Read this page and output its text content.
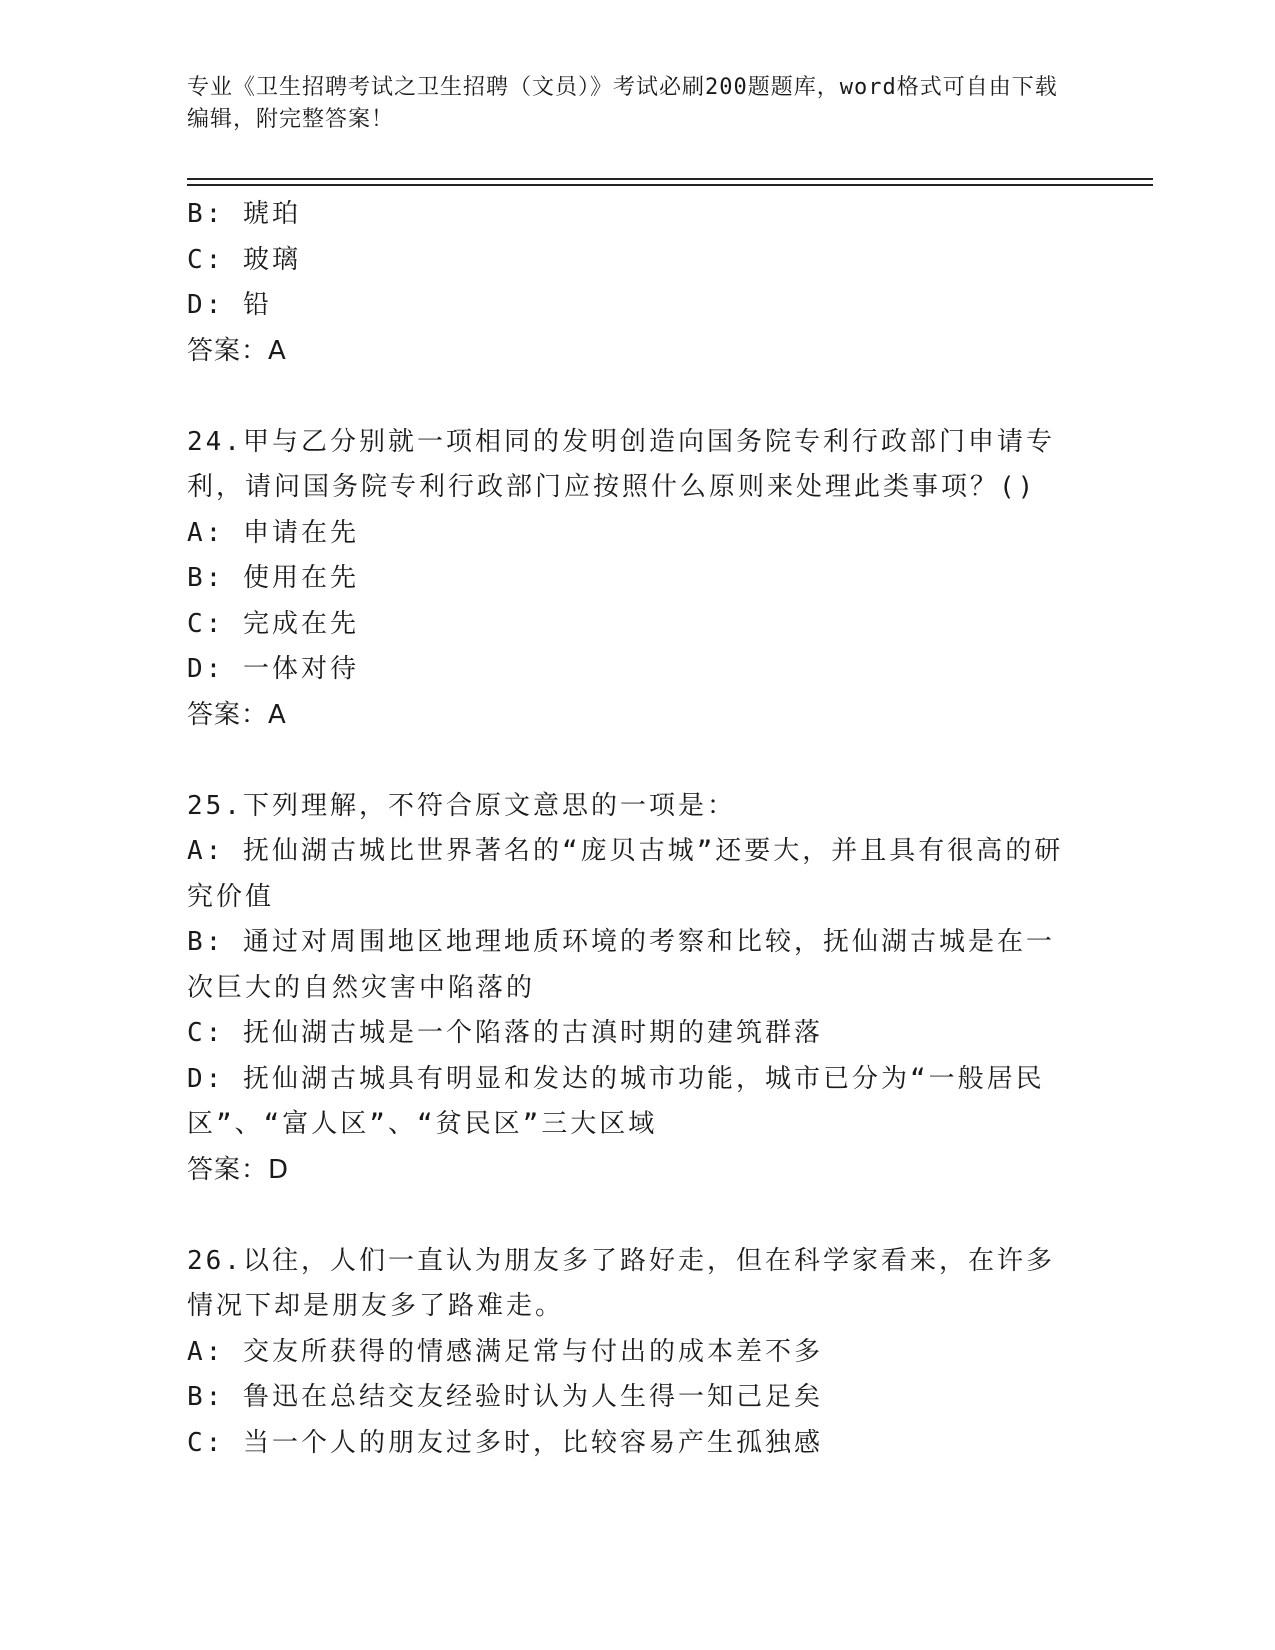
专业《卫生招聘考试之卫生招聘（文员）》考试必刷200题题库，word格式可自由下载编辑，附完整答案！
B: 琥珀
C: 玻璃
D: 铅
答案：A
24.甲与乙分别就一项相同的发明创造向国务院专利行政部门申请专利，请问国务院专利行政部门应按照什么原则来处理此类事项？()
A: 申请在先
B: 使用在先
C: 完成在先
D: 一体对待
答案：A
25.下列理解，不符合原文意思的一项是：
A: 抚仙湖古城比世界著名的“庞贝古城”还要大，并且具有很高的研究价值
B: 通过对周围地区地理地质环境的考察和比较，抚仙湖古城是在一次巨大的自然灾害中陷落的
C: 抚仙湖古城是一个陷落的古滇时期的建筑群落
D: 抚仙湖古城具有明显和发达的城市功能，城市已分为“一般居民区”、“富人区”、“贫民区”三大区域
答案：D
26.以往，人们一直认为朋友多了路好走，但在科学家看来，在许多情况下却是朋友多了路难走。
A: 交友所获得的情感满足常与付出的成本差不多
B: 鲁迅在总结交友经验时认为人生得一知己足矣
C: 当一个人的朋友过多时，比较容易产生孤独感
